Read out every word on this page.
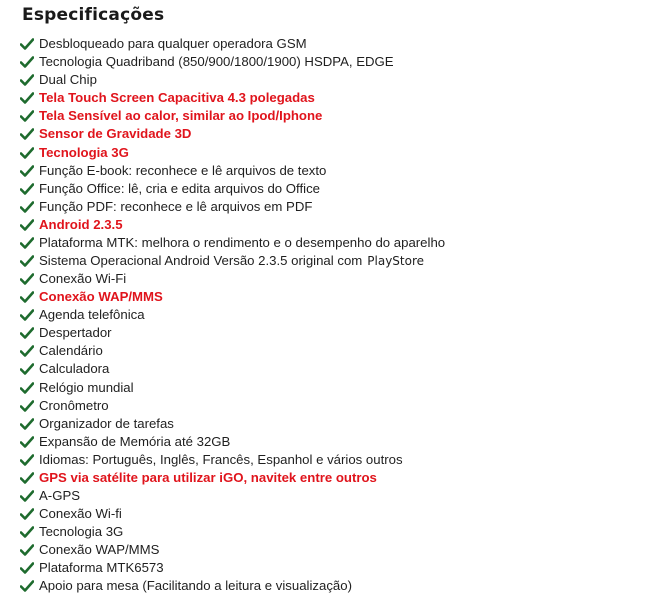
Especificações
Desbloqueado para qualquer operadora GSM
Tecnologia Quadriband (850/900/1800/1900) HSDPA, EDGE
Dual Chip
Tela Touch Screen Capacitiva 4.3 polegadas
Tela Sensível ao calor, similar ao Ipod/Iphone
Sensor de Gravidade 3D
Tecnologia 3G
Função E-book: reconhece e lê arquivos de texto
Função Office: lê, cria e edita arquivos do Office
Função PDF: reconhece e lê arquivos em PDF
Android 2.3.5
Plataforma MTK: melhora o rendimento e o desempenho do aparelho
Sistema Operacional Android Versão 2.3.5 original com PlayStore
Conexão Wi-Fi
Conexão WAP/MMS
Agenda telefônica
Despertador
Calendário
Calculadora
Relógio mundial
Cronômetro
Organizador de tarefas
Expansão de Memória até 32GB
Idiomas: Português, Inglês, Francês, Espanhol e vários outros
GPS via satélite para utilizar iGO, navitek entre outros
A-GPS
Conexão Wi-fi
Tecnologia 3G
Conexão WAP/MMS
Plataforma MTK6573
Apoio para mesa (Facilitando a leitura e visualização)
